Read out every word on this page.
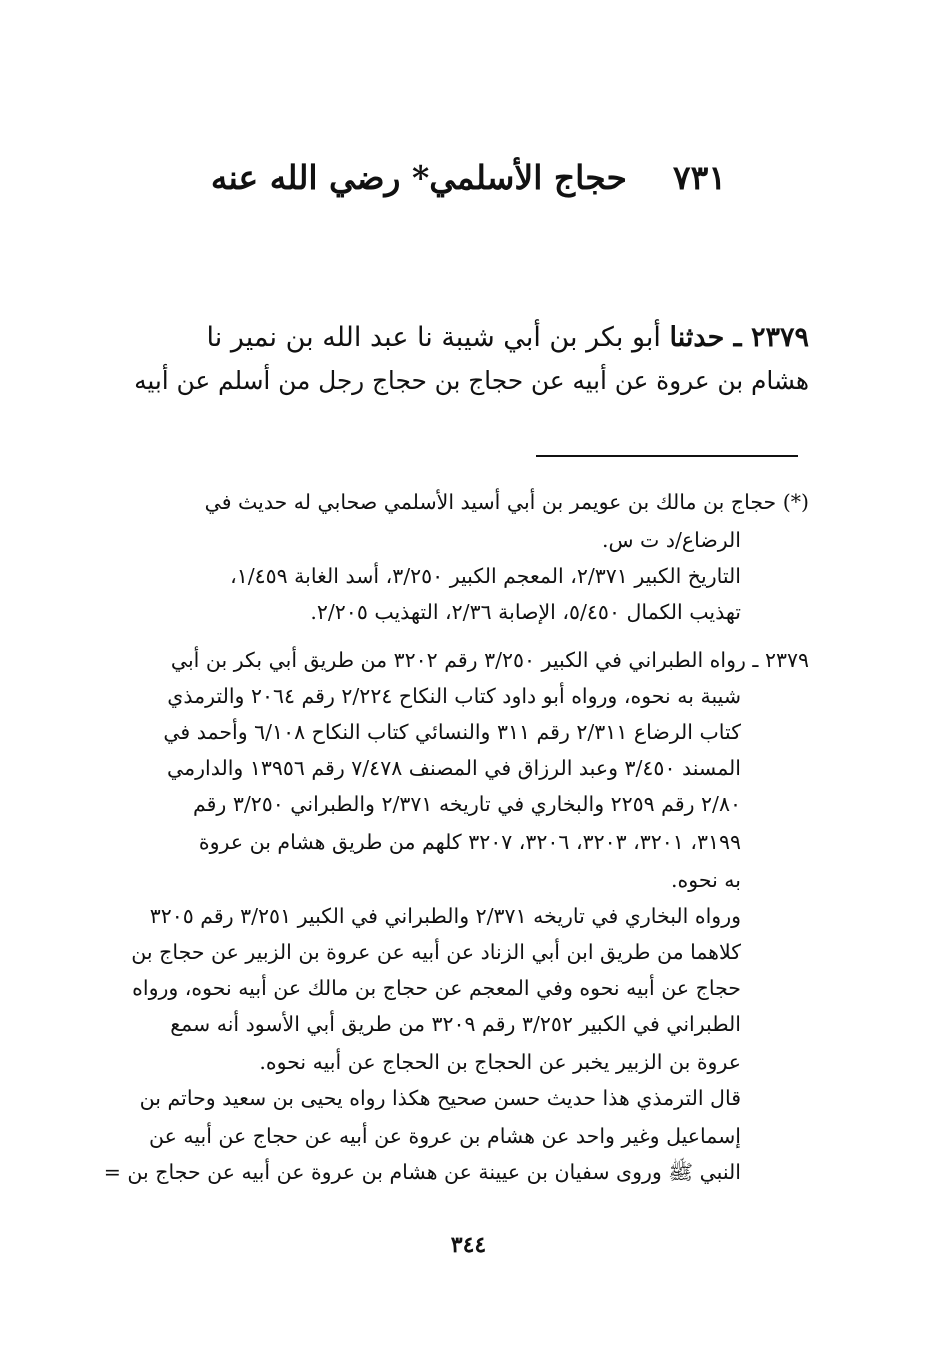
٧٣١    حجاج الأسلمي* رضي الله عنه
٢٣٧٩ ـ حدثنا أبو بكر بن أبي شيبة نا عبد الله بن نمير نا
هشام بن عروة عن أبيه عن حجاج بن حجاج رجل من أسلم عن أبيه
(*) حجاج بن مالك بن عويمر بن أبي أسيد الأسلمي صحابي له حديث في
الرضاع/د ت س.
التاريخ الكبير ٢/٣٧١، المعجم الكبير ٣/٢٥٠، أسد الغابة ١/٤٥٩،
تهذيب الكمال ٥/٤٥٠، الإصابة ٢/٣٦، التهذيب ٢/٢٠٥.
٢٣٧٩ ـ رواه الطبراني في الكبير ٣/٢٥٠ رقم ٣٢٠٢ من طريق أبي بكر بن أبي
شيبة به نحوه، ورواه أبو داود كتاب النكاح ٢/٢٢٤ رقم ٢٠٦٤ والترمذي
كتاب الرضاع ٢/٣١١ رقم ٣١١ والنسائي كتاب النكاح ٦/١٠٨ وأحمد في
المسند ٣/٤٥٠ وعبد الرزاق في المصنف ٧/٤٧٨ رقم ١٣٩٥٦ والدارمي
٢/٨٠ رقم ٢٢٥٩ والبخاري في تاريخه ٢/٣٧١ والطبراني ٣/٢٥٠ رقم
٣١٩٩، ٣٢٠١، ٣٢٠٣، ٣٢٠٦، ٣٢٠٧ كلهم من طريق هشام بن عروة
به نحوه.
ورواه البخاري في تاريخه ٢/٣٧١ والطبراني في الكبير ٣/٢٥١ رقم ٣٢٠٥
كلاهما من طريق ابن أبي الزناد عن أبيه عن عروة بن الزبير عن حجاج بن
حجاج عن أبيه نحوه وفي المعجم عن حجاج بن مالك عن أبيه نحوه، ورواه
الطبراني في الكبير ٣/٢٥٢ رقم ٣٢٠٩ من طريق أبي الأسود أنه سمع
عروة بن الزبير يخبر عن الحجاج بن الحجاج عن أبيه نحوه.
قال الترمذي هذا حديث حسن صحيح هكذا رواه يحيى بن سعيد وحاتم بن
إسماعيل وغير واحد عن هشام بن عروة عن أبيه عن حجاج عن أبيه عن
النبي ﷺ وروى سفيان بن عيينة عن هشام بن عروة عن أبيه عن حجاج بن =
٣٤٤
